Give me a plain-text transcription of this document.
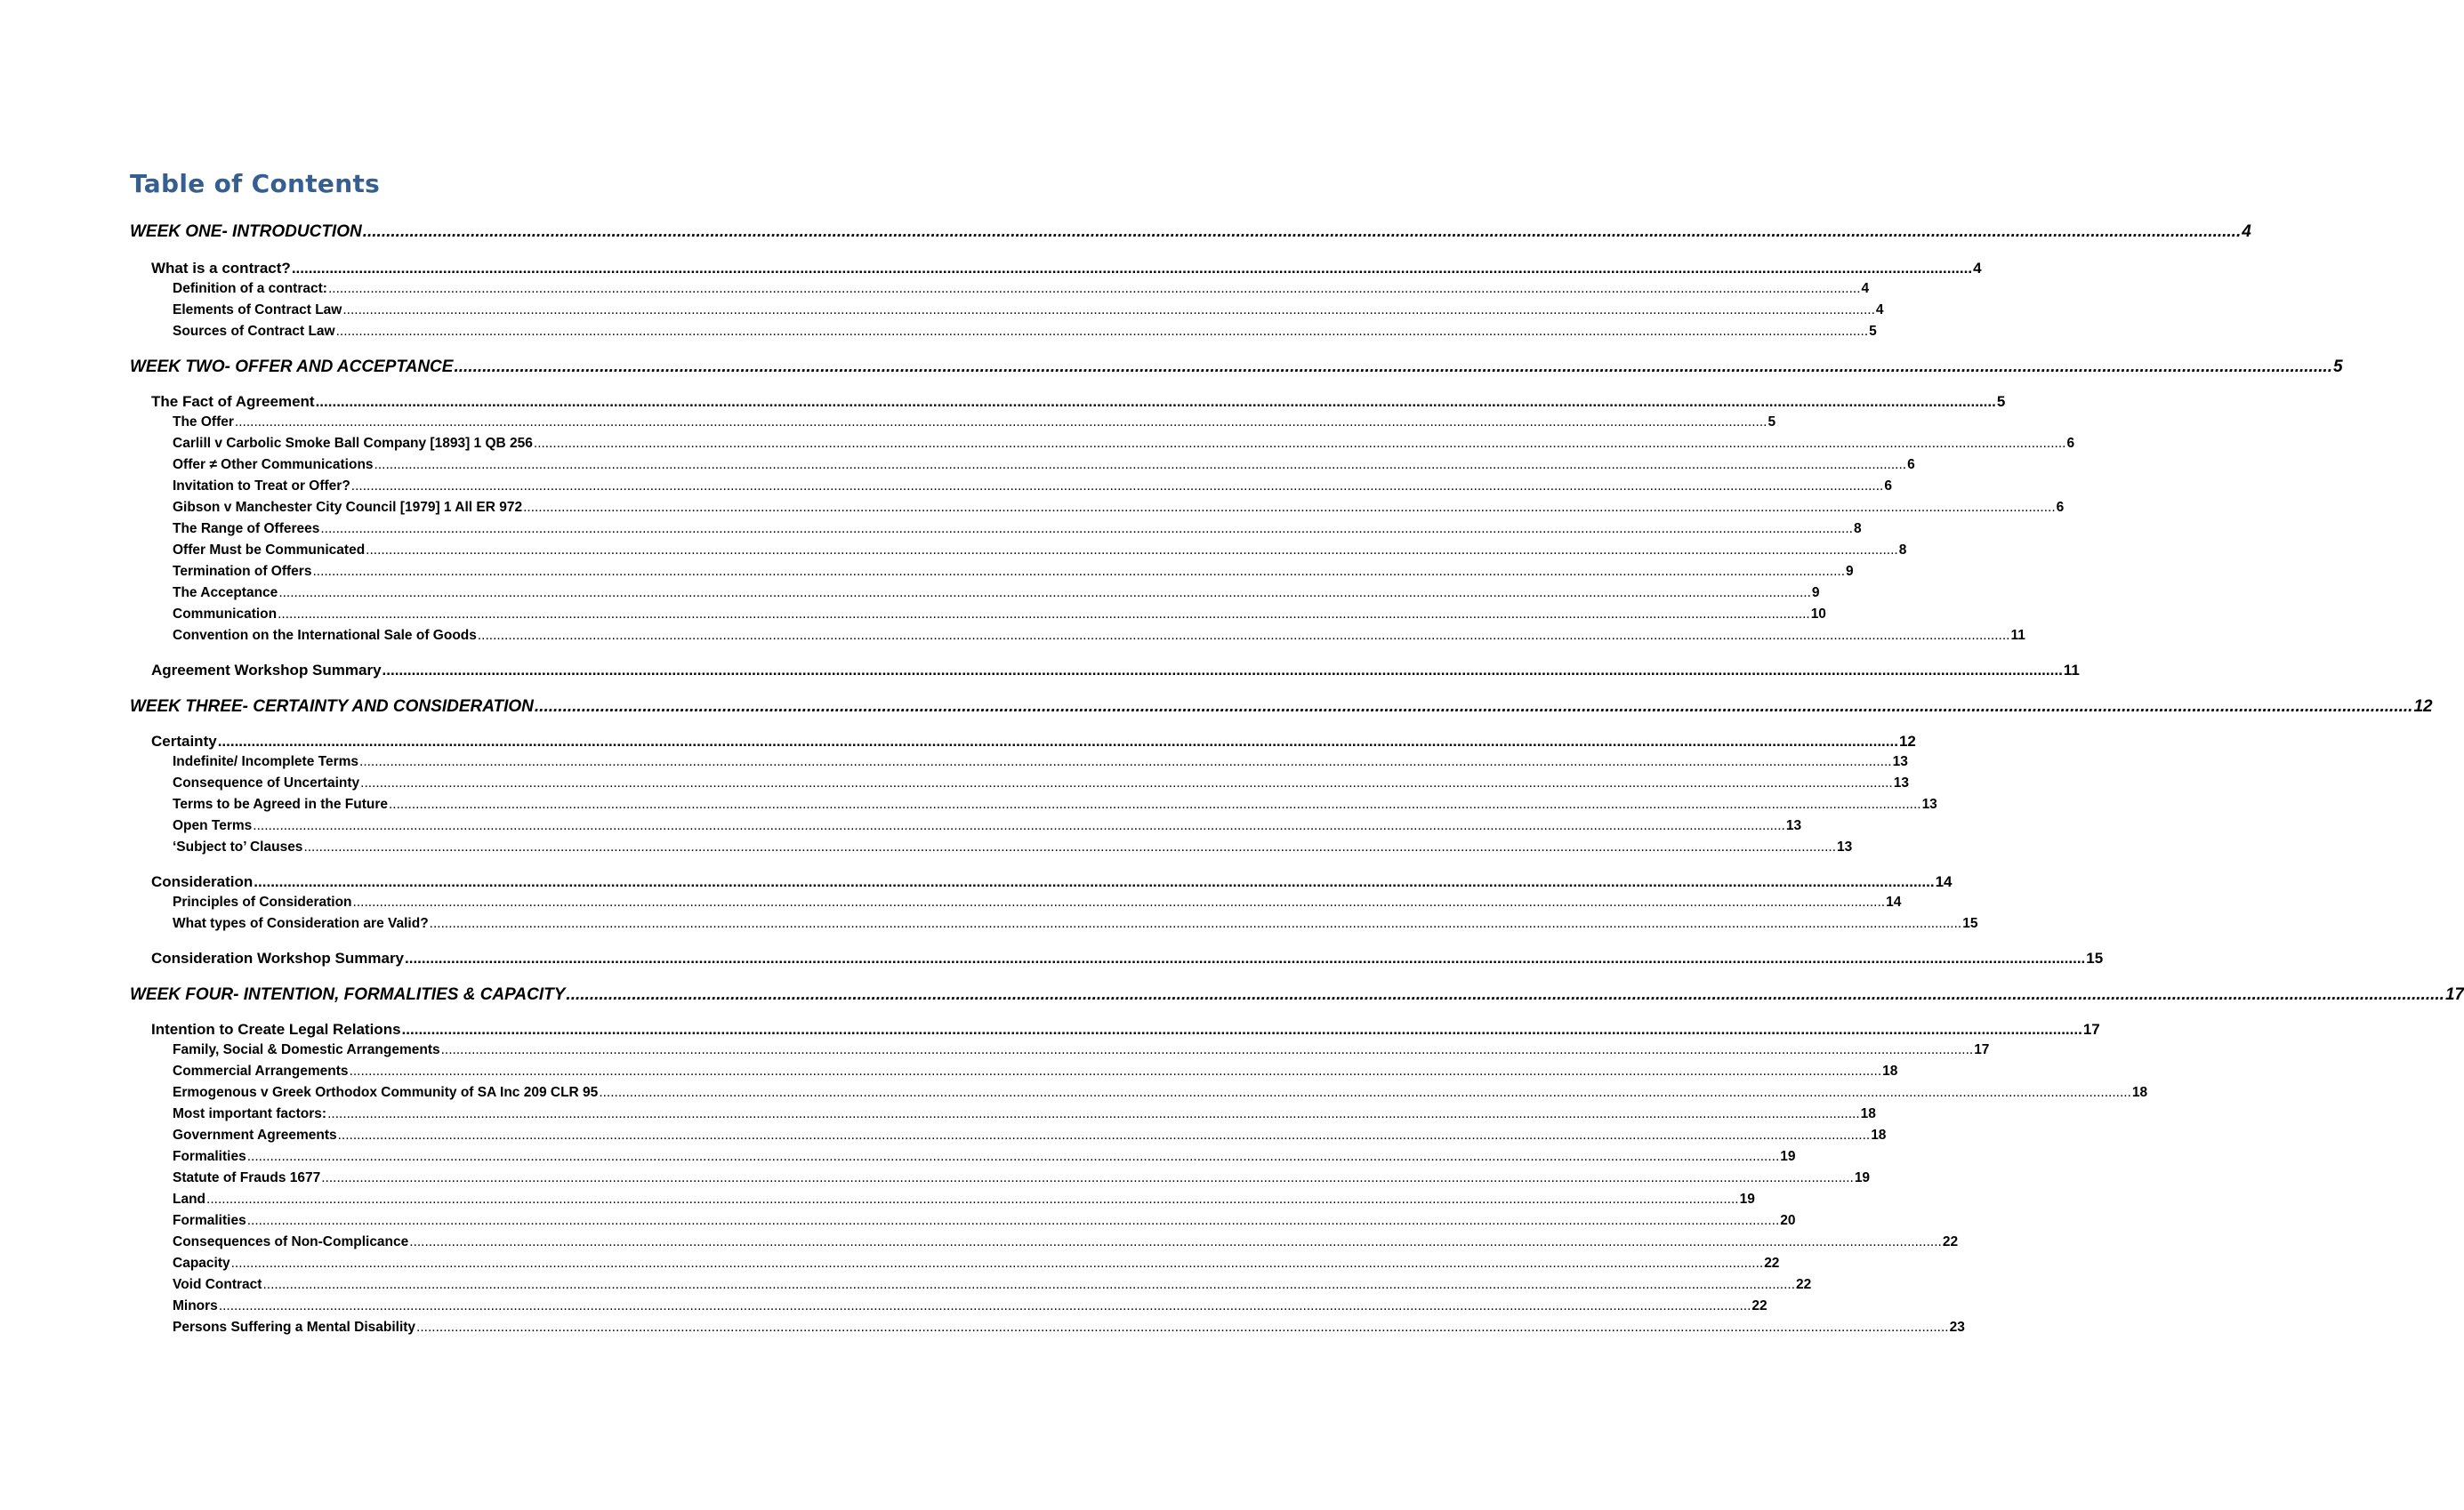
Table of Contents
WEEK ONE- INTRODUCTION ................................................................................................................................................................................................................................................................................................................................................................................................................ 4
What is a contract? ................................................................................................................................................................................................................................................................................................................................................................................................................ 4
Definition of a contract: ................................................................................................................................................................................................................................................................................................................................................................................................................ 4
Elements of Contract Law ................................................................................................................................................................................................................................................................................................................................................................................................................ 4
Sources of Contract Law ................................................................................................................................................................................................................................................................................................................................................................................................................ 5
WEEK TWO- OFFER AND ACCEPTANCE ................................................................................................................................................................................................................................................................................................................................................................................................................ 5
The Fact of Agreement ................................................................................................................................................................................................................................................................................................................................................................................................................ 5
The Offer ................................................................................................................................................................................................................................................................................................................................................................................................................ 5
Carlill v Carbolic Smoke Ball Company [1893] 1 QB 256 ................................................................................................................................................................................................................................................................................................................................................................................................................ 6
Offer ≠ Other Communications ................................................................................................................................................................................................................................................................................................................................................................................................................ 6
Invitation to Treat or Offer? ................................................................................................................................................................................................................................................................................................................................................................................................................ 6
Gibson v Manchester City Council [1979] 1 All ER 972 ................................................................................................................................................................................................................................................................................................................................................................................................................ 6
The Range of Offerees ................................................................................................................................................................................................................................................................................................................................................................................................................ 8
Offer Must be Communicated ................................................................................................................................................................................................................................................................................................................................................................................................................ 8
Termination of Offers ................................................................................................................................................................................................................................................................................................................................................................................................................ 9
The Acceptance ................................................................................................................................................................................................................................................................................................................................................................................................................ 9
Communication ................................................................................................................................................................................................................................................................................................................................................................................................................ 10
Convention on the International Sale of Goods ................................................................................................................................................................................................................................................................................................................................................................................................................ 11
Agreement Workshop Summary ................................................................................................................................................................................................................................................................................................................................................................................................................ 11
WEEK THREE- CERTAINTY AND CONSIDERATION ................................................................................................................................................................................................................................................................................................................................................................................................................ 12
Certainty ................................................................................................................................................................................................................................................................................................................................................................................................................ 12
Indefinite/ Incomplete Terms ................................................................................................................................................................................................................................................................................................................................................................................................................ 13
Consequence of Uncertainty ................................................................................................................................................................................................................................................................................................................................................................................................................ 13
Terms to be Agreed in the Future ................................................................................................................................................................................................................................................................................................................................................................................................................ 13
Open Terms ................................................................................................................................................................................................................................................................................................................................................................................................................ 13
‘Subject to’ Clauses ................................................................................................................................................................................................................................................................................................................................................................................................................ 13
Consideration ................................................................................................................................................................................................................................................................................................................................................................................................................ 14
Principles of Consideration ................................................................................................................................................................................................................................................................................................................................................................................................................ 14
What types of Consideration are Valid? ................................................................................................................................................................................................................................................................................................................................................................................................................ 15
Consideration Workshop Summary ................................................................................................................................................................................................................................................................................................................................................................................................................ 15
WEEK FOUR- INTENTION, FORMALITIES & CAPACITY ................................................................................................................................................................................................................................................................................................................................................................................................................ 17
Intention to Create Legal Relations ................................................................................................................................................................................................................................................................................................................................................................................................................ 17
Family, Social & Domestic Arrangements ................................................................................................................................................................................................................................................................................................................................................................................................................ 17
Commercial Arrangements ................................................................................................................................................................................................................................................................................................................................................................................................................ 18
Ermogenous v Greek Orthodox Community of SA Inc 209 CLR 95 ................................................................................................................................................................................................................................................................................................................................................................................................................ 18
Most important factors: ................................................................................................................................................................................................................................................................................................................................................................................................................ 18
Government Agreements ................................................................................................................................................................................................................................................................................................................................................................................................................ 18
Formalities ................................................................................................................................................................................................................................................................................................................................................................................................................ 19
Statute of Frauds 1677 ................................................................................................................................................................................................................................................................................................................................................................................................................ 19
Land ................................................................................................................................................................................................................................................................................................................................................................................................................ 19
Formalities ................................................................................................................................................................................................................................................................................................................................................................................................................ 20
Consequences of Non-Complicance ................................................................................................................................................................................................................................................................................................................................................................................................................ 22
Capacity ................................................................................................................................................................................................................................................................................................................................................................................................................ 22
Void Contract ................................................................................................................................................................................................................................................................................................................................................................................................................ 22
Minors ................................................................................................................................................................................................................................................................................................................................................................................................................ 22
Persons Suffering a Mental Disability ................................................................................................................................................................................................................................................................................................................................................................................................................ 23
